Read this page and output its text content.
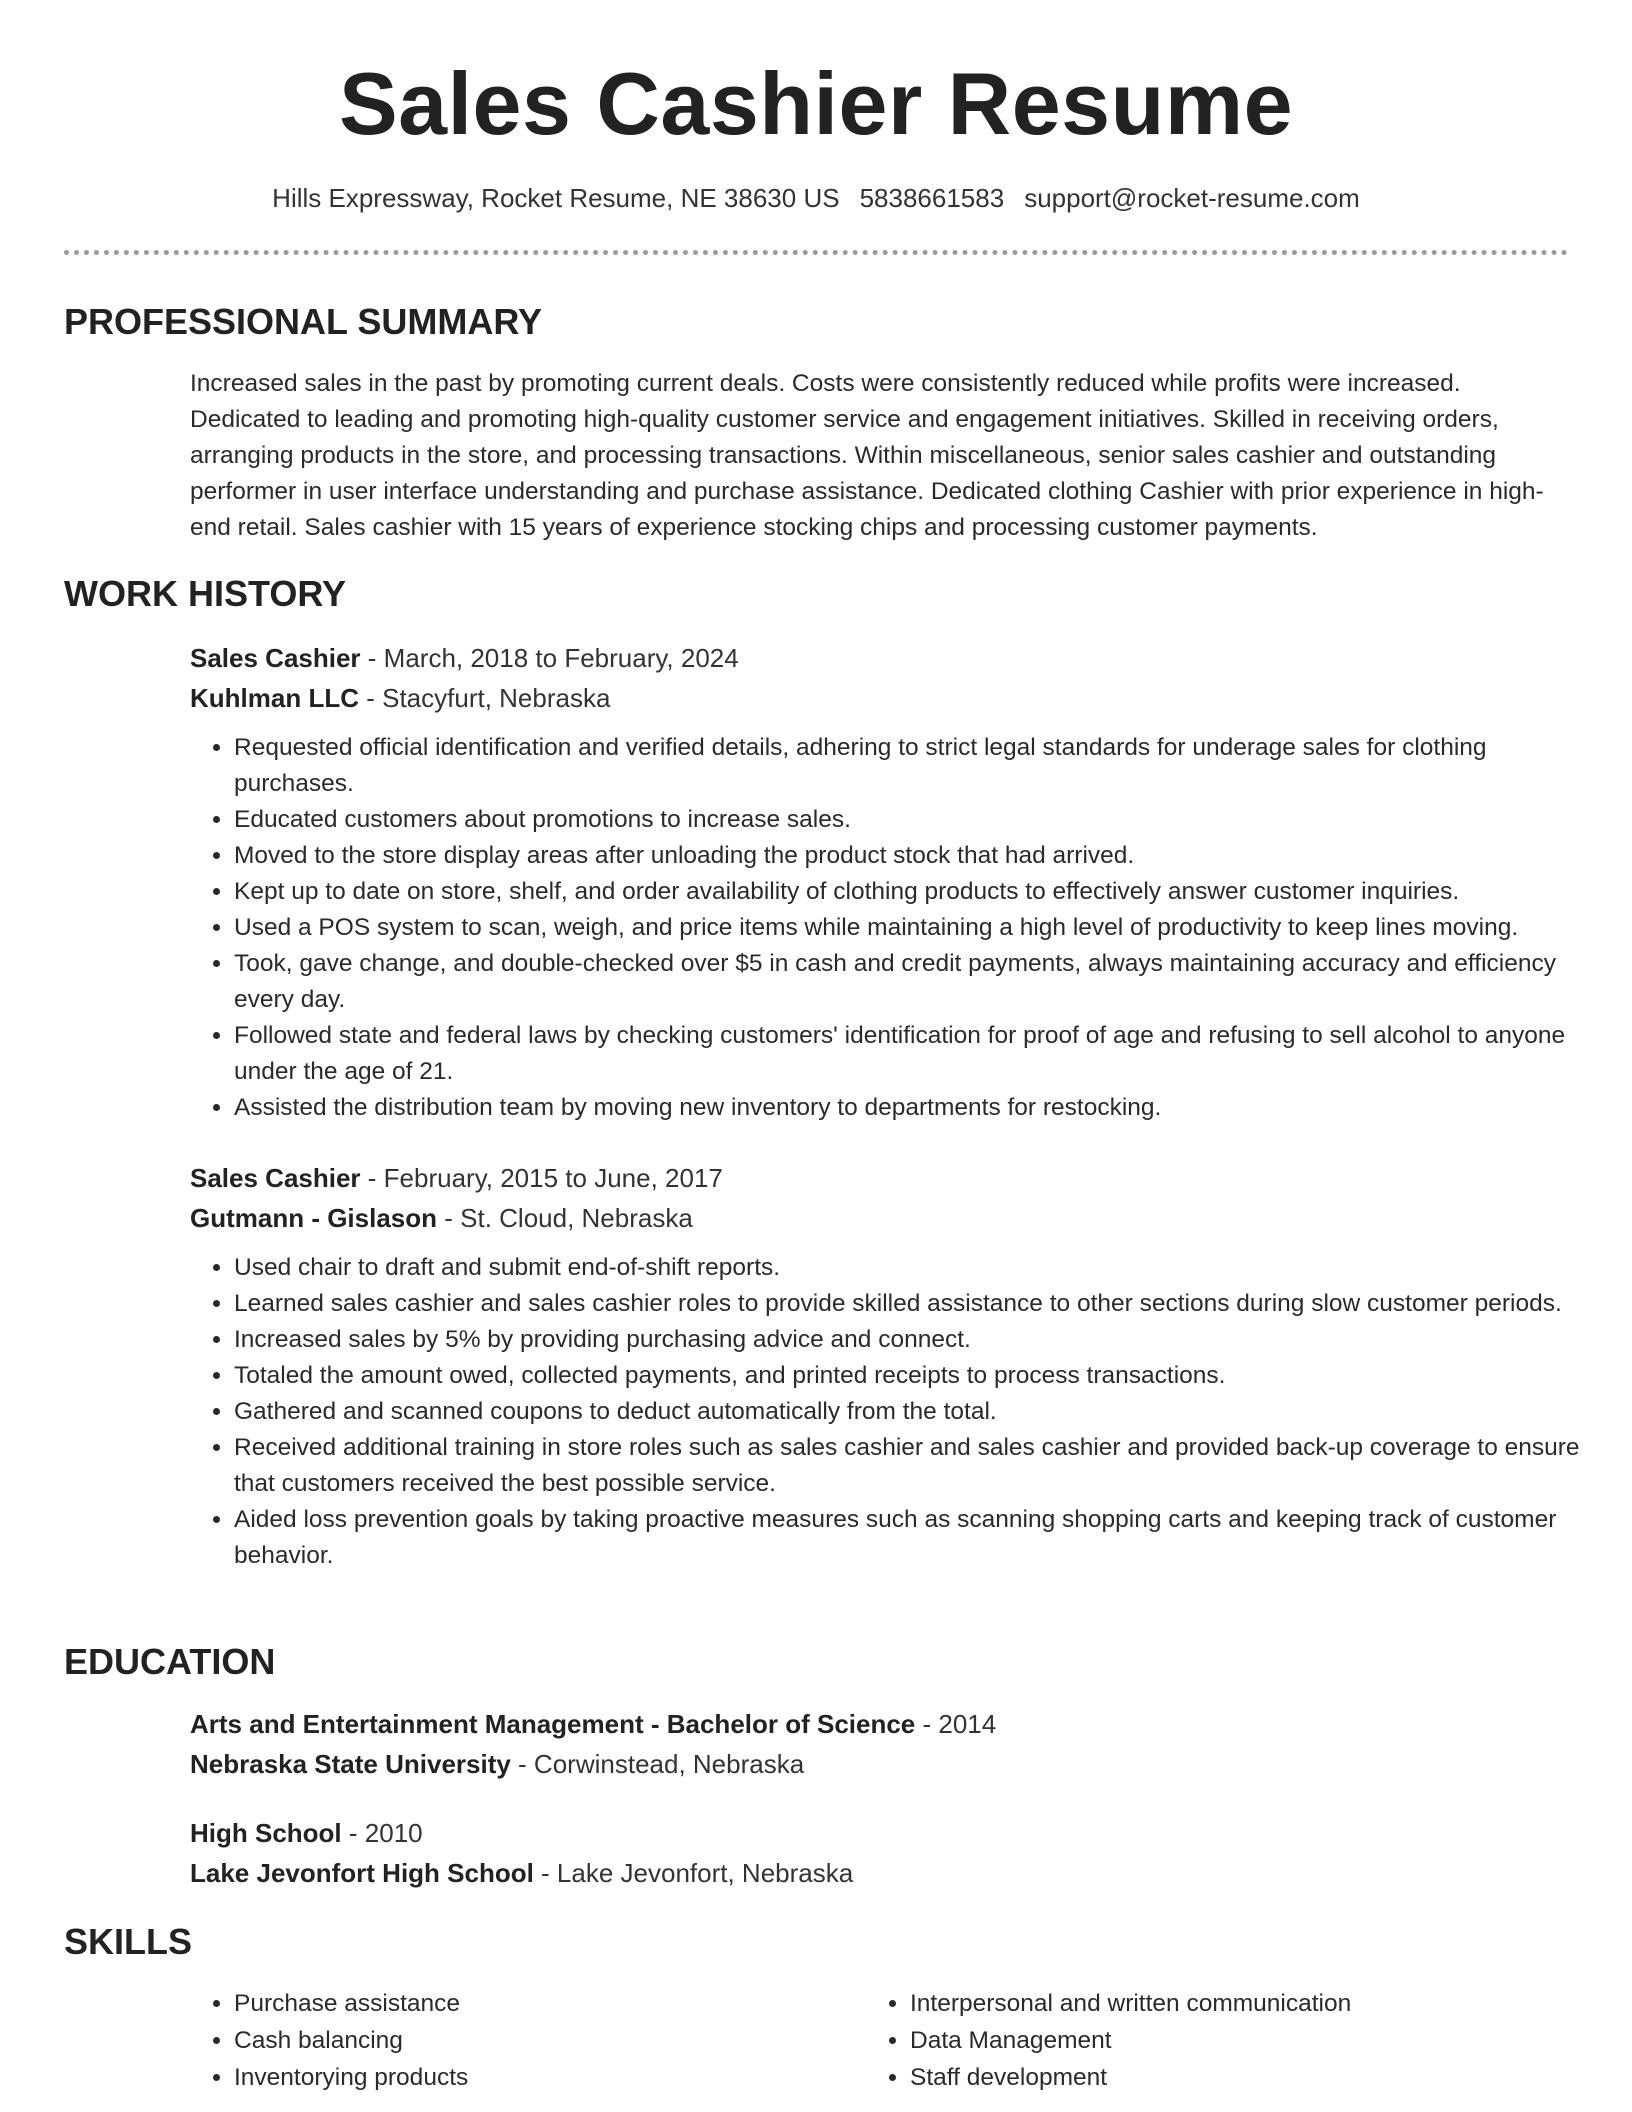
Sales Cashier Resume
Hills Expressway, Rocket Resume, NE 38630 US 5838661583 support@rocket-resume.com
PROFESSIONAL SUMMARY
Increased sales in the past by promoting current deals. Costs were consistently reduced while profits were increased. Dedicated to leading and promoting high-quality customer service and engagement initiatives. Skilled in receiving orders, arranging products in the store, and processing transactions. Within miscellaneous, senior sales cashier and outstanding performer in user interface understanding and purchase assistance. Dedicated clothing Cashier with prior experience in high-end retail. Sales cashier with 15 years of experience stocking chips and processing customer payments.
WORK HISTORY
Sales Cashier - March, 2018 to February, 2024
Kuhlman LLC - Stacyfurt, Nebraska
• Requested official identification and verified details, adhering to strict legal standards for underage sales for clothing purchases.
• Educated customers about promotions to increase sales.
• Moved to the store display areas after unloading the product stock that had arrived.
• Kept up to date on store, shelf, and order availability of clothing products to effectively answer customer inquiries.
• Used a POS system to scan, weigh, and price items while maintaining a high level of productivity to keep lines moving.
• Took, gave change, and double-checked over $5 in cash and credit payments, always maintaining accuracy and efficiency every day.
• Followed state and federal laws by checking customers' identification for proof of age and refusing to sell alcohol to anyone under the age of 21.
• Assisted the distribution team by moving new inventory to departments for restocking.
Sales Cashier - February, 2015 to June, 2017
Gutmann - Gislason - St. Cloud, Nebraska
• Used chair to draft and submit end-of-shift reports.
• Learned sales cashier and sales cashier roles to provide skilled assistance to other sections during slow customer periods.
• Increased sales by 5% by providing purchasing advice and connect.
• Totaled the amount owed, collected payments, and printed receipts to process transactions.
• Gathered and scanned coupons to deduct automatically from the total.
• Received additional training in store roles such as sales cashier and sales cashier and provided back-up coverage to ensure that customers received the best possible service.
• Aided loss prevention goals by taking proactive measures such as scanning shopping carts and keeping track of customer behavior.
EDUCATION
Arts and Entertainment Management - Bachelor of Science - 2014
Nebraska State University - Corwinstead, Nebraska
High School - 2010
Lake Jevonfort High School - Lake Jevonfort, Nebraska
SKILLS
• Purchase assistance
• Cash balancing
• Inventorying products
• Interpersonal and written communication
• Data Management
• Staff development
